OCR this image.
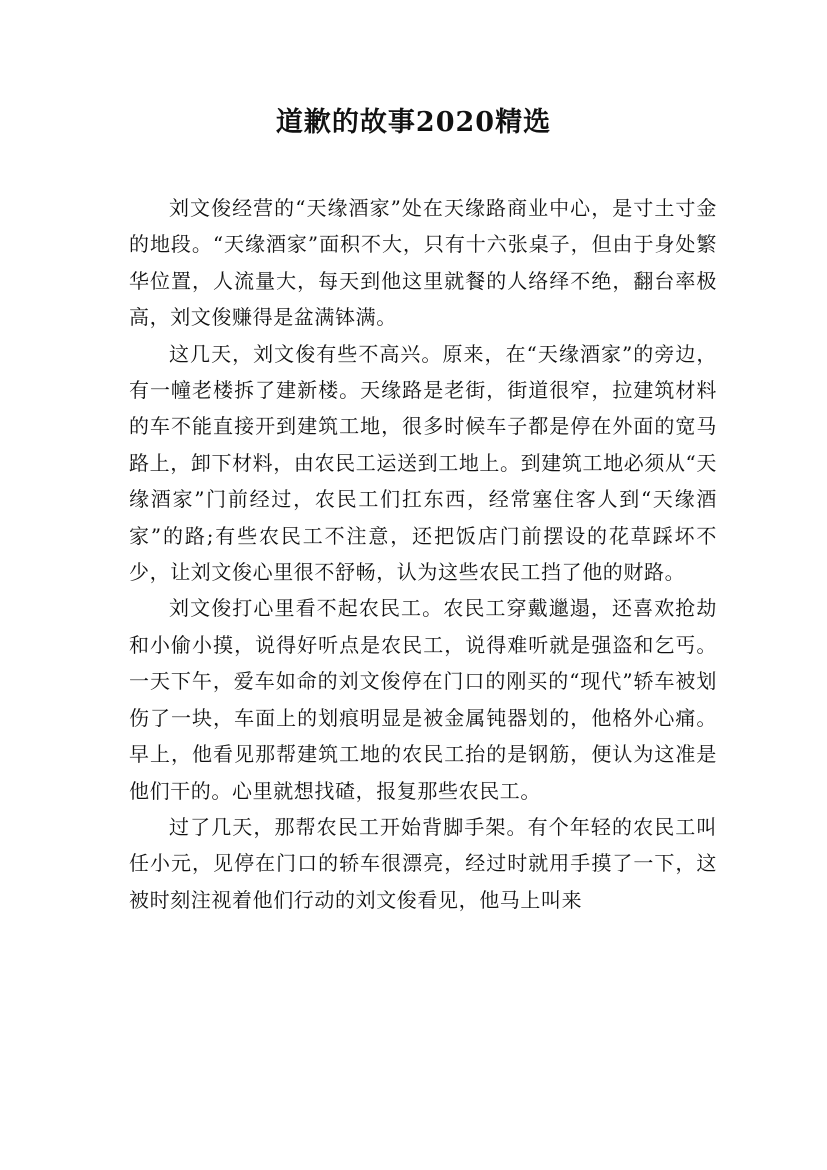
道歉的故事2020精选

刘文俊经营的“天缘酒家”处在天缘路商业中心，是寸土寸金的地段。“天缘酒家”面积不大，只有十六张桌子，但由于身处繁华位置，人流量大，每天到他这里就餐的人络绎不绝，翻台率极高，刘文俊赚得是盆满钵满。

这几天，刘文俊有些不高兴。原来，在“天缘酒家”的旁边，有一幢老楼拆了建新楼。天缘路是老街，街道很窄，拉建筑材料的车不能直接开到建筑工地，很多时候车子都是停在外面的宽马路上，卸下材料，由农民工运送到工地上。到建筑工地必须从“天缘酒家”门前经过，农民工们扛东西，经常塞住客人到“天缘酒家”的路;有些农民工不注意，还把饭店门前摆设的花草踩坏不少，让刘文俊心里很不舒畅，认为这些农民工挡了他的财路。

刘文俊打心里看不起农民工。农民工穿戴邋遢，还喜欢抢劫和小偷小摸，说得好听点是农民工，说得难听就是强盗和乞丐。一天下午，爱车如命的刘文俊停在门口的刚买的“现代”轿车被划伤了一块，车面上的划痕明显是被金属钝器划的，他格外心痛。早上，他看见那帮建筑工地的农民工抬的是钢筋，便认为这准是他们干的。心里就想找碴，报复那些农民工。

过了几天，那帮农民工开始背脚手架。有个年轻的农民工叫任小元，见停在门口的轿车很漂亮，经过时就用手摸了一下，这被时刻注视着他们行动的刘文俊看见，他马上叫来
